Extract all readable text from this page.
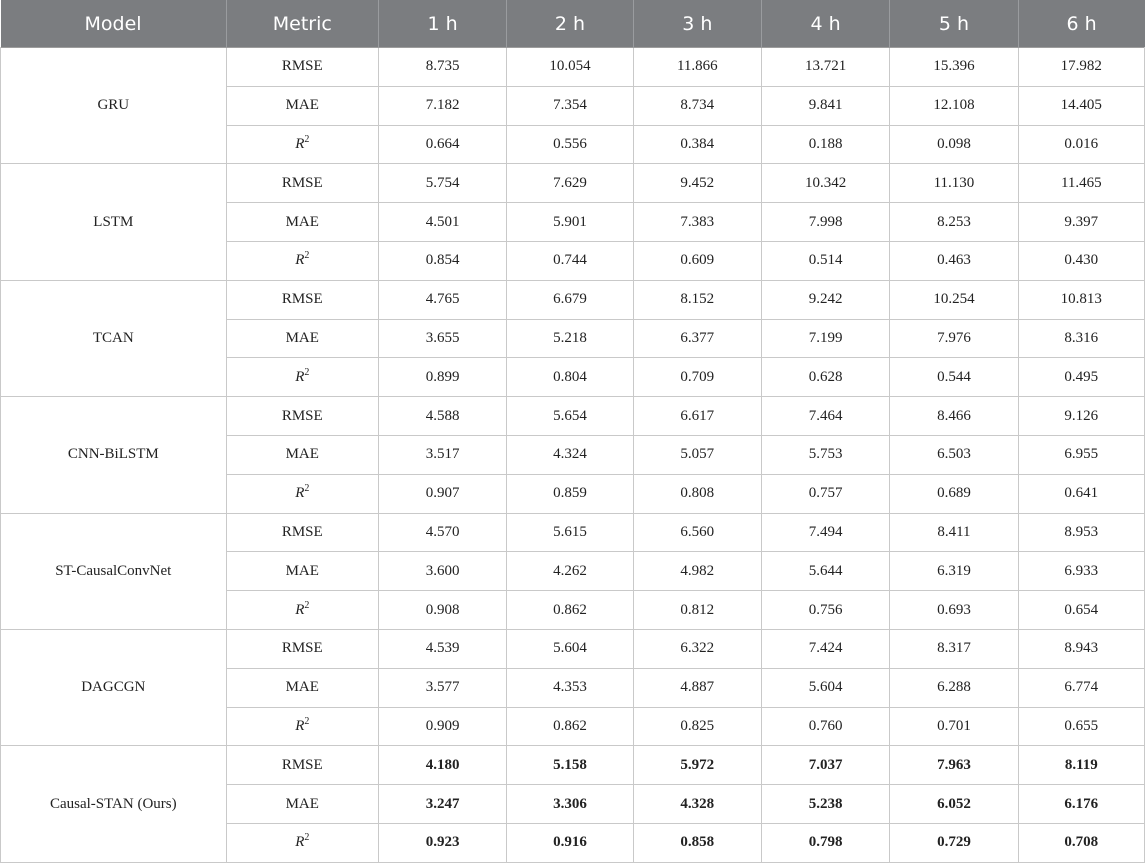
Model	Metric	1 h	2 h	3 h	4 h	5 h	6 h
GRU	RMSE	8.735	10.054	11.866	13.721	15.396	17.982
	MAE	7.182	7.354	8.734	9.841	12.108	14.405
	$R^2$	0.664	0.556	0.384	0.188	0.098	0.016
LSTM	RMSE	5.754	7.629	9.452	10.342	11.130	11.465
	MAE	4.501	5.901	7.383	7.998	8.253	9.397
	$R^2$	0.854	0.744	0.609	0.514	0.463	0.430
TCAN	RMSE	4.765	6.679	8.152	9.242	10.254	10.813
	MAE	3.655	5.218	6.377	7.199	7.976	8.316
	$R^2$	0.899	0.804	0.709	0.628	0.544	0.495
CNN-BiLSTM	RMSE	4.588	5.654	6.617	7.464	8.466	9.126
	MAE	3.517	4.324	5.057	5.753	6.503	6.955
	$R^2$	0.907	0.859	0.808	0.757	0.689	0.641
ST-CausalConvNet	RMSE	4.570	5.615	6.560	7.494	8.411	8.953
	MAE	3.600	4.262	4.982	5.644	6.319	6.933
	$R^2$	0.908	0.862	0.812	0.756	0.693	0.654
DAGCGN	RMSE	4.539	5.604	6.322	7.424	8.317	8.943
	MAE	3.577	4.353	4.887	5.604	6.288	6.774
	$R^2$	0.909	0.862	0.825	0.760	0.701	0.655
Causal-STAN (Ours)	RMSE	4.180	5.158	5.972	7.037	7.963	8.119
	MAE	3.247	3.306	4.328	5.238	6.052	6.176
	$R^2$	0.923	0.916	0.858	0.798	0.729	0.708
